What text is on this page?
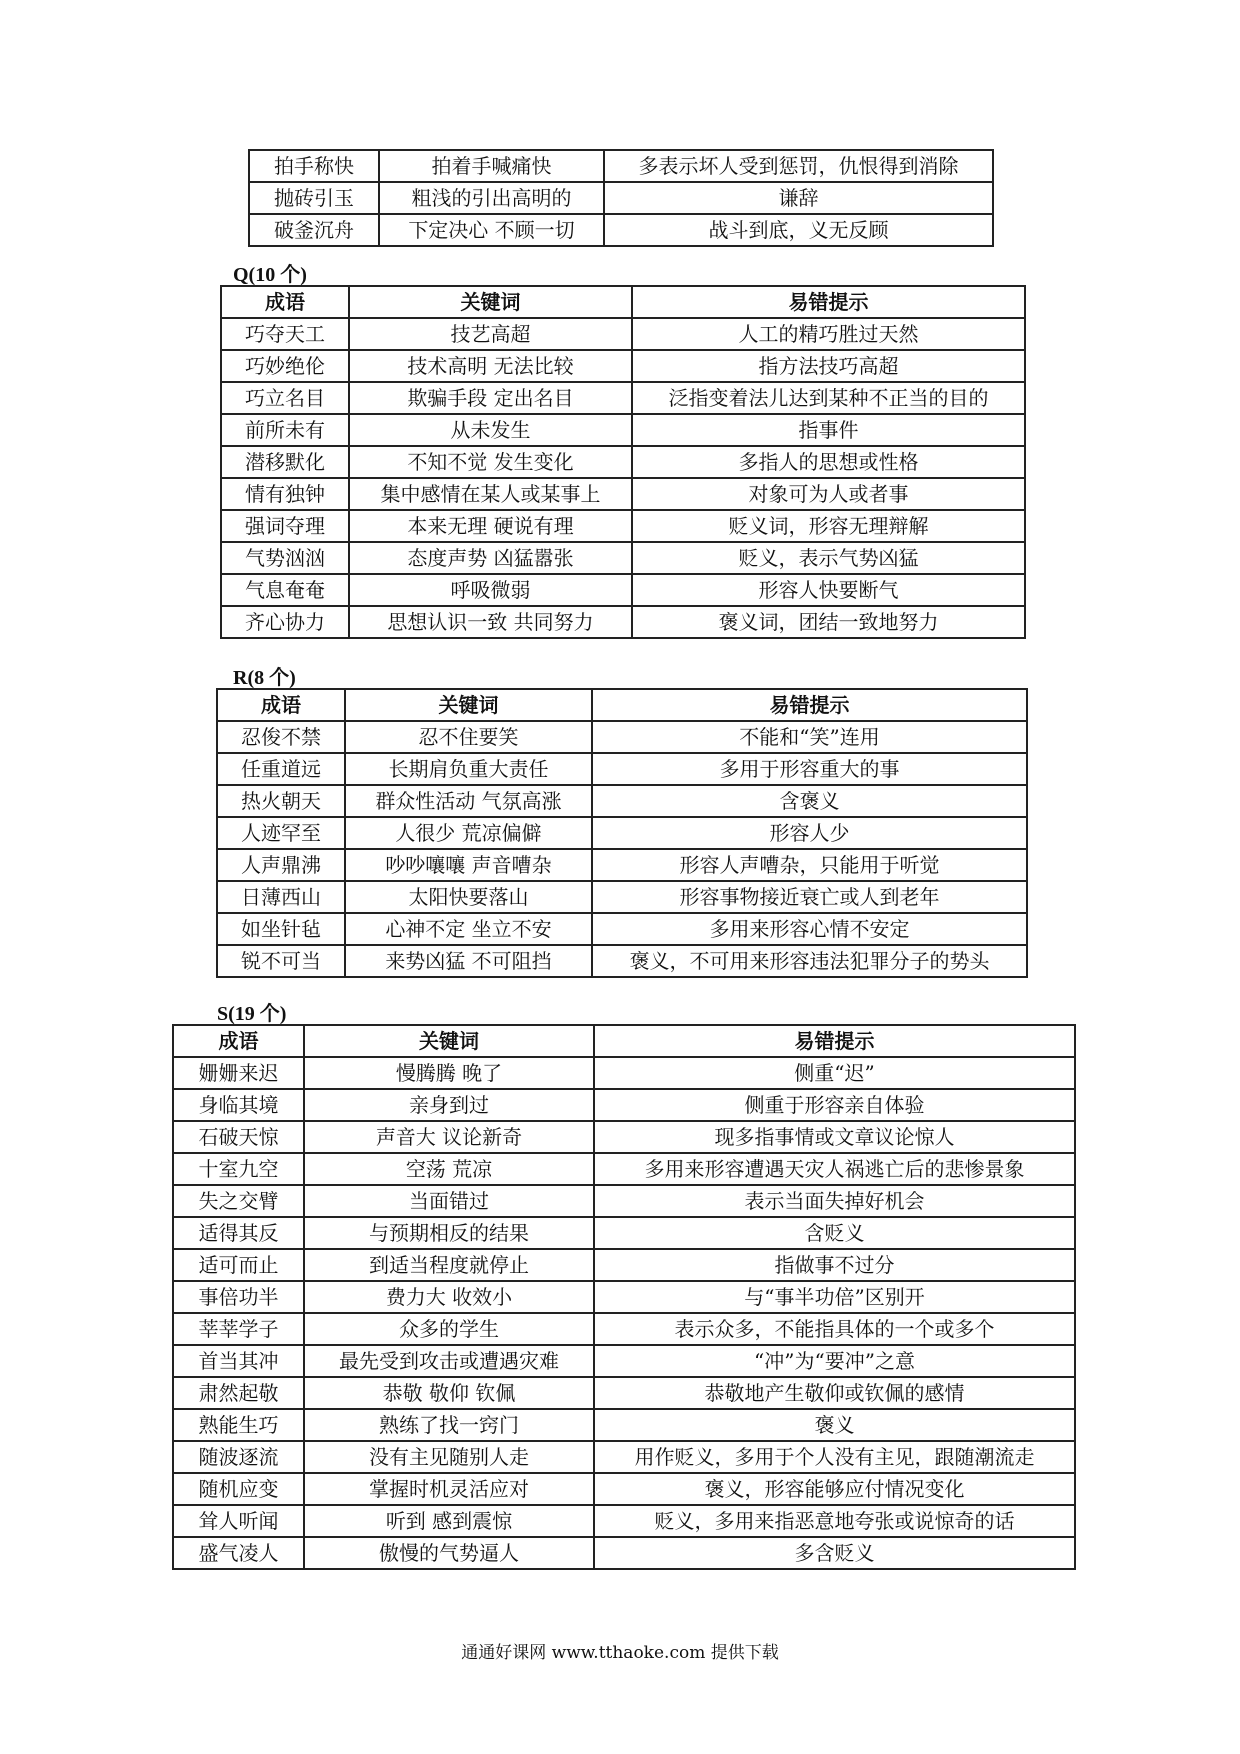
拍手称快	拍着手喊痛快	多表示坏人受到惩罚，仇恨得到消除
抛砖引玉	粗浅的引出高明的	谦辞
破釜沉舟	下定决心 不顾一切	战斗到底，义无反顾
Q(10 个)
成语	关键词	易错提示
巧夺天工	技艺高超	人工的精巧胜过天然
巧妙绝伦	技术高明 无法比较	指方法技巧高超
巧立名目	欺骗手段 定出名目	泛指变着法儿达到某种不正当的目的
前所未有	从未发生	指事件
潜移默化	不知不觉 发生变化	多指人的思想或性格
情有独钟	集中感情在某人或某事上	对象可为人或者事
强词夺理	本来无理 硬说有理	贬义词，形容无理辩解
气势汹汹	态度声势 凶猛嚣张	贬义，表示气势凶猛
气息奄奄	呼吸微弱	形容人快要断气
齐心协力	思想认识一致 共同努力	褒义词，团结一致地努力
R(8 个)
成语	关键词	易错提示
忍俊不禁	忍不住要笑	不能和“笑”连用
任重道远	长期肩负重大责任	多用于形容重大的事
热火朝天	群众性活动 气氛高涨	含褒义
人迹罕至	人很少 荒凉偏僻	形容人少
人声鼎沸	吵吵嚷嚷 声音嘈杂	形容人声嘈杂，只能用于听觉
日薄西山	太阳快要落山	形容事物接近衰亡或人到老年
如坐针毡	心神不定 坐立不安	多用来形容心情不安定
锐不可当	来势凶猛 不可阻挡	褒义，不可用来形容违法犯罪分子的势头
S(19 个)
成语	关键词	易错提示
姗姗来迟	慢腾腾 晚了	侧重“迟”
身临其境	亲身到过	侧重于形容亲自体验
石破天惊	声音大 议论新奇	现多指事情或文章议论惊人
十室九空	空荡 荒凉	多用来形容遭遇天灾人祸逃亡后的悲惨景象
失之交臂	当面错过	表示当面失掉好机会
适得其反	与预期相反的结果	含贬义
适可而止	到适当程度就停止	指做事不过分
事倍功半	费力大 收效小	与“事半功倍”区别开
莘莘学子	众多的学生	表示众多，不能指具体的一个或多个
首当其冲	最先受到攻击或遭遇灾难	“冲”为“要冲”之意
肃然起敬	恭敬 敬仰 钦佩	恭敬地产生敬仰或钦佩的感情
熟能生巧	熟练了找一窍门	褒义
随波逐流	没有主见随别人走	用作贬义，多用于个人没有主见，跟随潮流走
随机应变	掌握时机灵活应对	褒义，形容能够应付情况变化
耸人听闻	听到 感到震惊	贬义，多用来指恶意地夸张或说惊奇的话
盛气凌人	傲慢的气势逼人	多含贬义
通通好课网 www.tthaoke.com 提供下载
